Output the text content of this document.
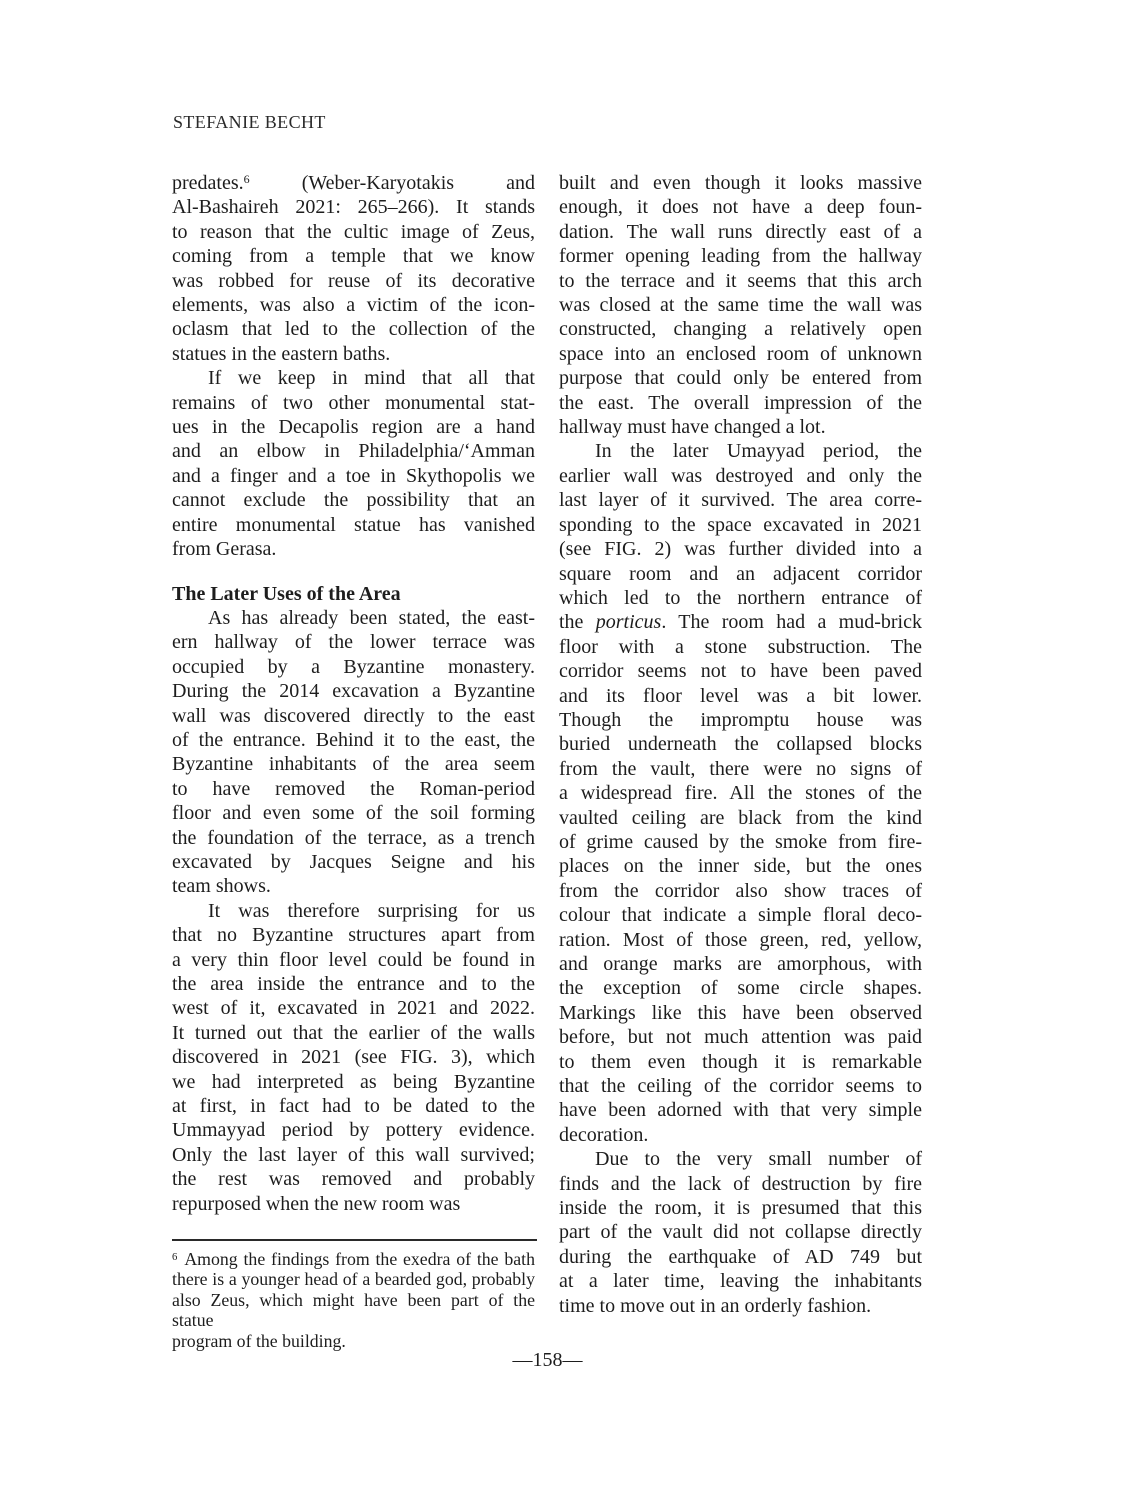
STEFANIE BECHT
predates.$^6$ (Weber-Karyotakis and
Al-Bashaireh 2021: 265–266). It stands
to reason that the cultic image of Zeus,
coming from a temple that we know
was robbed for reuse of its decorative
elements, was also a victim of the icon-
oclasm that led to the collection of the
statues in the eastern baths.
If we keep in mind that all that
remains of two other monumental stat-
ues in the Decapolis region are a hand
and an elbow in Philadelphia/‘Amman
and a finger and a toe in Skythopolis we
cannot exclude the possibility that an
entire monumental statue has vanished
from Gerasa.
The Later Uses of the Area
As has already been stated, the east-
ern hallway of the lower terrace was
occupied by a Byzantine monastery.
During the 2014 excavation a Byzantine
wall was discovered directly to the east
of the entrance. Behind it to the east, the
Byzantine inhabitants of the area seem
to have removed the Roman-period
floor and even some of the soil forming
the foundation of the terrace, as a trench
excavated by Jacques Seigne and his
team shows.
It was therefore surprising for us
that no Byzantine structures apart from
a very thin floor level could be found in
the area inside the entrance and to the
west of it, excavated in 2021 and 2022.
It turned out that the earlier of the walls
discovered in 2021 (see FIG. 3), which
we had interpreted as being Byzantine
at first, in fact had to be dated to the
Ummayyad period by pottery evidence.
Only the last layer of this wall survived;
the rest was removed and probably
repurposed when the new room was
built and even though it looks massive
enough, it does not have a deep foun-
dation. The wall runs directly east of a
former opening leading from the hallway
to the terrace and it seems that this arch
was closed at the same time the wall was
constructed, changing a relatively open
space into an enclosed room of unknown
purpose that could only be entered from
the east. The overall impression of the
hallway must have changed a lot.
In the later Umayyad period, the
earlier wall was destroyed and only the
last layer of it survived. The area corre-
sponding to the space excavated in 2021
(see FIG. 2) was further divided into a
square room and an adjacent corridor
which led to the northern entrance of
the porticus. The room had a mud-brick
floor with a stone substruction. The
corridor seems not to have been paved
and its floor level was a bit lower.
Though the impromptu house was
buried underneath the collapsed blocks
from the vault, there were no signs of
a widespread fire. All the stones of the
vaulted ceiling are black from the kind
of grime caused by the smoke from fire-
places on the inner side, but the ones
from the corridor also show traces of
colour that indicate a simple floral deco-
ration. Most of those green, red, yellow,
and orange marks are amorphous, with
the exception of some circle shapes.
Markings like this have been observed
before, but not much attention was paid
to them even though it is remarkable
that the ceiling of the corridor seems to
have been adorned with that very simple
decoration.
Due to the very small number of
finds and the lack of destruction by fire
inside the room, it is presumed that this
part of the vault did not collapse directly
during the earthquake of AD 749 but
at a later time, leaving the inhabitants
time to move out in an orderly fashion.
$^6$ Among the findings from the exedra of the bath
there is a younger head of a bearded god, probably
also Zeus, which might have been part of the statue
program of the building.
—158—
